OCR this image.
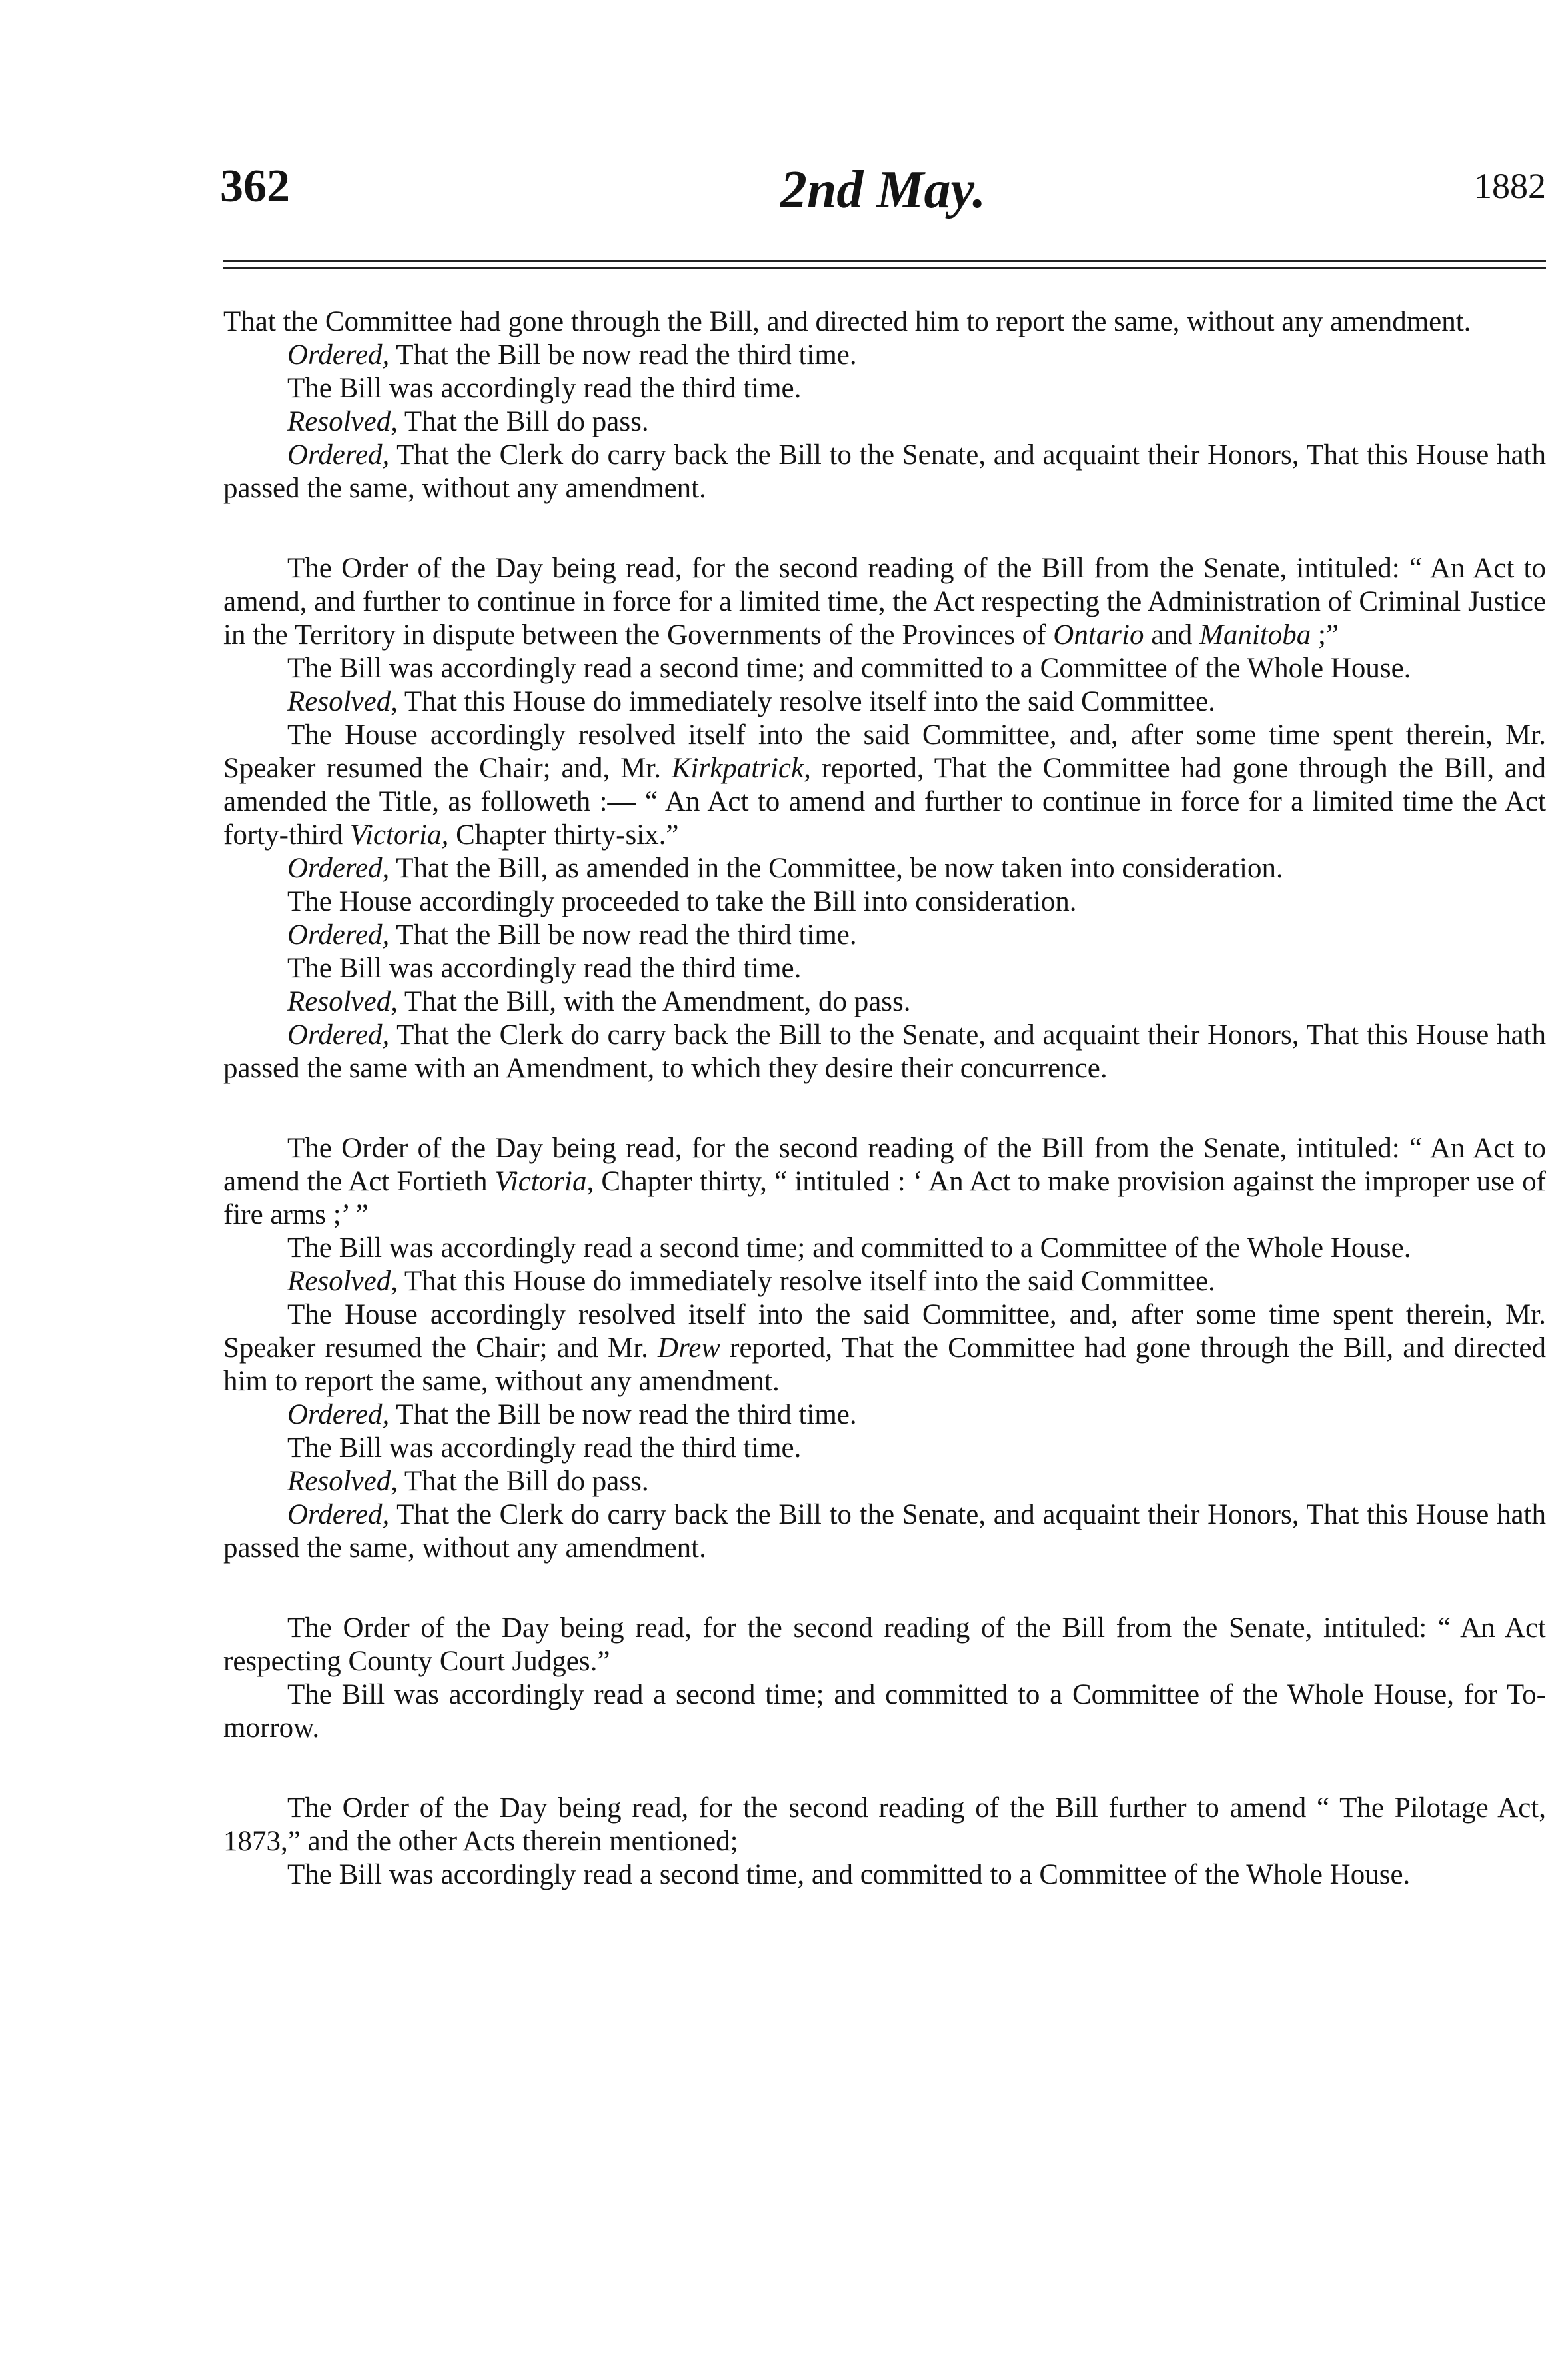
362	2nd May.	1882

That the Committee had gone through the Bill, and directed him to report the same, without any amendment.

Ordered, That the Bill be now read the third time.

The Bill was accordingly read the third time.

Resolved, That the Bill do pass.

Ordered, That the Clerk do carry back the Bill to the Senate, and acquaint their Honors, That this House hath passed the same, without any amendment.

The Order of the Day being read, for the second reading of the Bill from the Senate, intituled: “ An Act to amend, and further to continue in force for a limited time, the Act respecting the Administration of Criminal Justice in the Territory in dispute between the Governments of the Provinces of Ontario and Manitoba ;”

The Bill was accordingly read a second time; and committed to a Committee of the Whole House.

Resolved, That this House do immediately resolve itself into the said Committee.

The House accordingly resolved itself into the said Committee, and, after some time spent therein, Mr. Speaker resumed the Chair; and, Mr. Kirkpatrick, reported, That the Committee had gone through the Bill, and amended the Title, as followeth :— “ An Act to amend and further to continue in force for a limited time the Act forty-third Victoria, Chapter thirty-six.”

Ordered, That the Bill, as amended in the Committee, be now taken into consideration.

The House accordingly proceeded to take the Bill into consideration.

Ordered, That the Bill be now read the third time.

The Bill was accordingly read the third time.

Resolved, That the Bill, with the Amendment, do pass.

Ordered, That the Clerk do carry back the Bill to the Senate, and acquaint their Honors, That this House hath passed the same with an Amendment, to which they desire their concurrence.

The Order of the Day being read, for the second reading of the Bill from the Senate, intituled: “ An Act to amend the Act Fortieth Victoria, Chapter thirty, “ intituled : ‘ An Act to make provision against the improper use of fire arms ;’ ”

The Bill was accordingly read a second time; and committed to a Committee of the Whole House.

Resolved, That this House do immediately resolve itself into the said Committee.

The House accordingly resolved itself into the said Committee, and, after some time spent therein, Mr. Speaker resumed the Chair; and Mr. Drew reported, That the Committee had gone through the Bill, and directed him to report the same, without any amendment.

Ordered, That the Bill be now read the third time.

The Bill was accordingly read the third time.

Resolved, That the Bill do pass.

Ordered, That the Clerk do carry back the Bill to the Senate, and acquaint their Honors, That this House hath passed the same, without any amendment.

The Order of the Day being read, for the second reading of the Bill from the Senate, intituled: “ An Act respecting County Court Judges.”

The Bill was accordingly read a second time; and committed to a Committee of the Whole House, for To-morrow.

The Order of the Day being read, for the second reading of the Bill further to amend “ The Pilotage Act, 1873,” and the other Acts therein mentioned;

The Bill was accordingly read a second time, and committed to a Committee of the Whole House.
